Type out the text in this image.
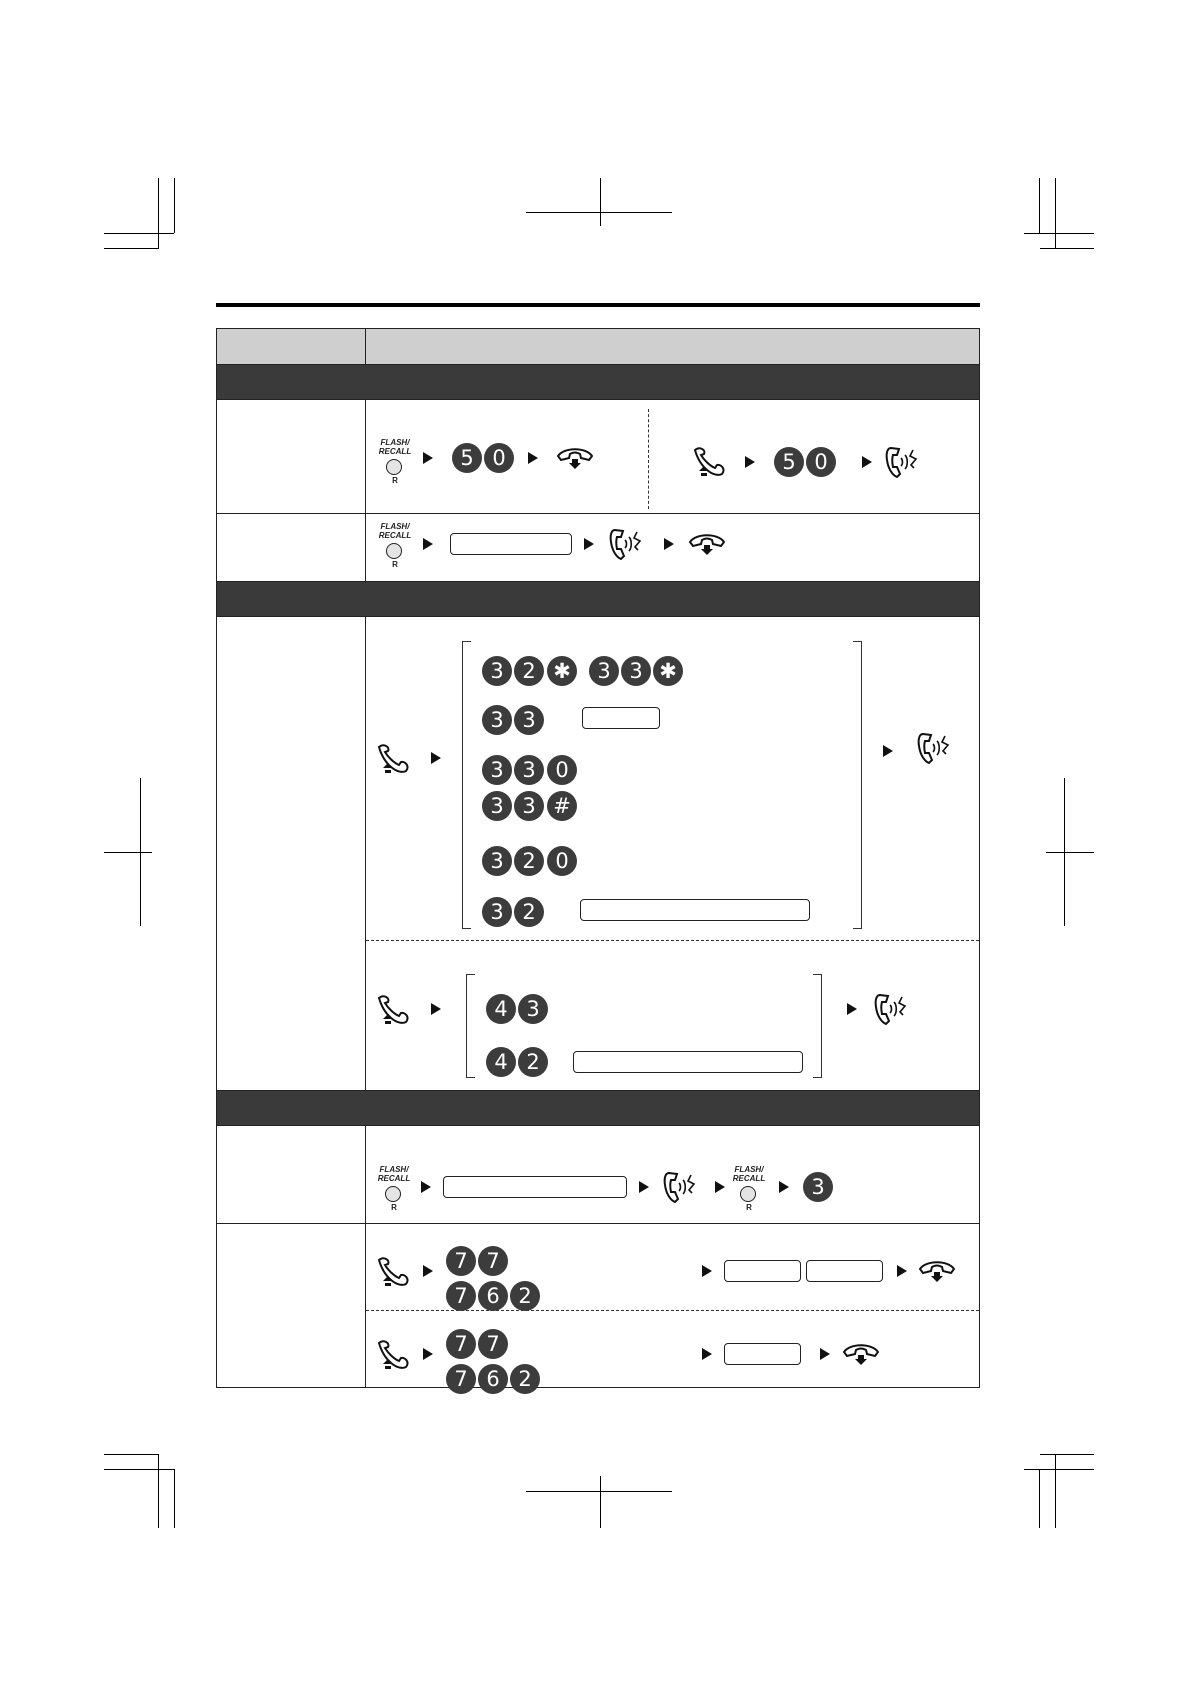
FLASH/
RECALL
R
5 0	5 0
FLASH/
RECALL
R
3 2 ✱	3 3 ✱
3 3
3 3 0
3 3 #
3 2 0
3 2
4 3
4 2
FLASH/
RECALL
R
FLASH/
RECALL
R
3
7 7
7 6 2
7 7
7 6 2
